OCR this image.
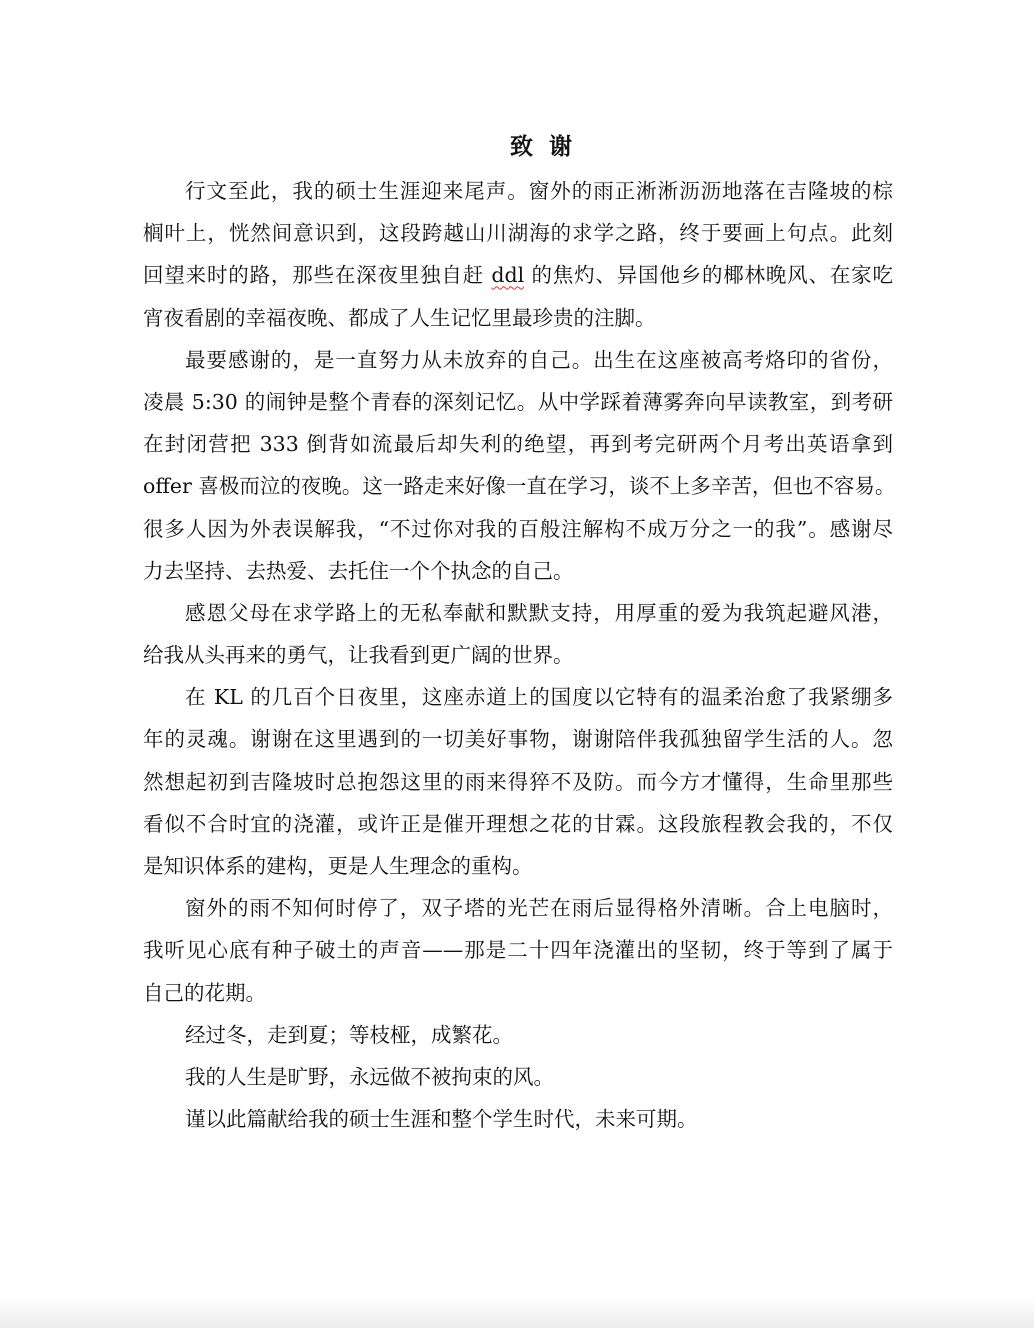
致 谢
行文至此，我的硕士生涯迎来尾声。窗外的雨正淅淅沥沥地落在吉隆坡的棕
榈叶上，恍然间意识到，这段跨越山川湖海的求学之路，终于要画上句点。此刻
回望来时的路，那些在深夜里独自赶 ddl 的焦灼、异国他乡的椰林晚风、在家吃
宵夜看剧的幸福夜晚、都成了人生记忆里最珍贵的注脚。
最要感谢的，是一直努力从未放弃的自己。出生在这座被高考烙印的省份，
凌晨 5:30 的闹钟是整个青春的深刻记忆。从中学踩着薄雾奔向早读教室，到考研
在封闭营把 333 倒背如流最后却失利的绝望，再到考完研两个月考出英语拿到
offer 喜极而泣的夜晚。这一路走来好像一直在学习，谈不上多辛苦，但也不容易。
很多人因为外表误解我，“不过你对我的百般注解构不成万分之一的我”。感谢尽
力去坚持、去热爱、去托住一个个执念的自己。
感恩父母在求学路上的无私奉献和默默支持，用厚重的爱为我筑起避风港，
给我从头再来的勇气，让我看到更广阔的世界。
在 KL 的几百个日夜里，这座赤道上的国度以它特有的温柔治愈了我紧绷多
年的灵魂。谢谢在这里遇到的一切美好事物，谢谢陪伴我孤独留学生活的人。忽
然想起初到吉隆坡时总抱怨这里的雨来得猝不及防。而今方才懂得，生命里那些
看似不合时宜的浇灌，或许正是催开理想之花的甘霖。这段旅程教会我的，不仅
是知识体系的建构，更是人生理念的重构。
窗外的雨不知何时停了，双子塔的光芒在雨后显得格外清晰。合上电脑时，
我听见心底有种子破土的声音——那是二十四年浇灌出的坚韧，终于等到了属于
自己的花期。
经过冬，走到夏；等枝桠，成繁花。
我的人生是旷野，永远做不被拘束的风。
谨以此篇献给我的硕士生涯和整个学生时代，未来可期。
